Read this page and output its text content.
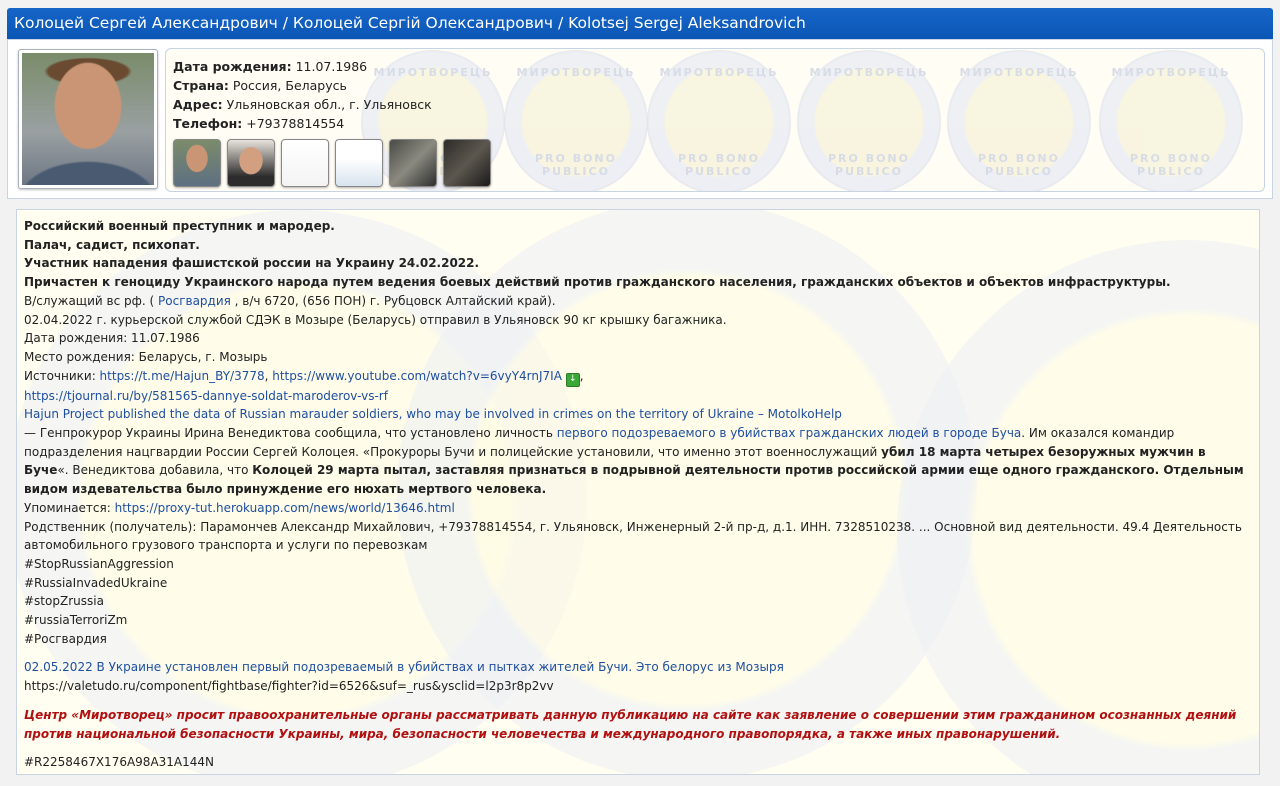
Колоцей Сергей Александрович / Колоцей Сергій Олександрович / Kolotsej Sergej Aleksandrovich
МИРОТВОРЕЦЬ	МИРОТВОРЕЦЬ
PRO BONO PUBLICO
МИРОТВОРЕЦЬ
PRO BONO PUBLICO
МИРОТВОРЕЦЬ
PRO BONO PUBLICO
МИРОТВОРЕЦЬ
PRO BONO PUBLICO
МИРОТВОРЕЦЬ
PRO BONO PUBLICO
Дата рождения: 11.07.1986
Страна: Россия, Беларусь
Адрес: Ульяновская обл., г. Ульяновск
Телефон: +79378814554

Российский военный преступник и мародер.

Палач, садист, психопат.

Участник нападения фашистской россии на Украину 24.02.2022.

Причастен к геноциду Украинского народа путем ведения боевых действий против гражданского населения, гражданских объектов и объектов инфраструктуры.

В/служащий вс рф. ( Росгвардия , в/ч 6720, (656 ПОН) г. Рубцовск Алтайский край).

02.04.2022 г. курьерской службой СДЭК в Мозыре (Беларусь) отправил в Ульяновск 90 кг крышку багажника.

Дата рождения: 11.07.1986

Место рождения: Беларусь, г. Мозырь

Источники: https://t.me/Hajun_BY/3778, https://www.youtube.com/watch?v=6vyY4rnJ7IA ↓ ,

https://tjournal.ru/by/581565-dannye-soldat-maroderov-vs-rf

Hajun Project published the data of Russian marauder soldiers, who may be involved in crimes on the territory of Ukraine – MotolkoHelp

— Генпрокурор Украины Ирина Венедиктова сообщила, что установлено личность первого подозреваемого в убийствах гражданских людей в городе Буча. Им оказался командир подразделения нацгвардии России Сергей Колоцея. «Прокуроры Бучи и полицейские установили, что именно этот военнослужащий убил 18 марта четырех безоружных мужчин в Буче«. Венедиктова добавила, что Колоцей 29 марта пытал, заставляя признаться в подрывной деятельности против российской армии еще одного гражданского. Отдельным видом издевательства было принуждение его нюхать мертвого человека.

Упоминается: https://proxy-tut.herokuapp.com/news/world/13646.html

Родственник (получатель): Парамончев Александр Михайлович, +79378814554, г. Ульяновск, Инженерный 2-й пр-д, д.1. ИНН. 7328510238. ... Основной вид деятельности. 49.4 Деятельность автомобильного грузового транспорта и услуги по перевозкам

#StopRussianAggression

#RussiaInvadedUkraine

#stopZrussia

#russiaTerroriZm

#Росгвардия

02.05.2022 В Украине установлен первый подозреваемый в убийствах и пытках жителей Бучи. Это белорус из Мозыря

https://valetudo.ru/component/fightbase/fighter?id=6526&suf=_rus&ysclid=l2p3r8p2vv

Центр «Миротворец» просит правоохранительные органы рассматривать данную публикацию на сайте как заявление о совершении этим гражданином осознанных деяний против национальной безопасности Украины, мира, безопасности человечества и международного правопорядка, а также иных правонарушений.

#R2258467X176A98A31A144N
